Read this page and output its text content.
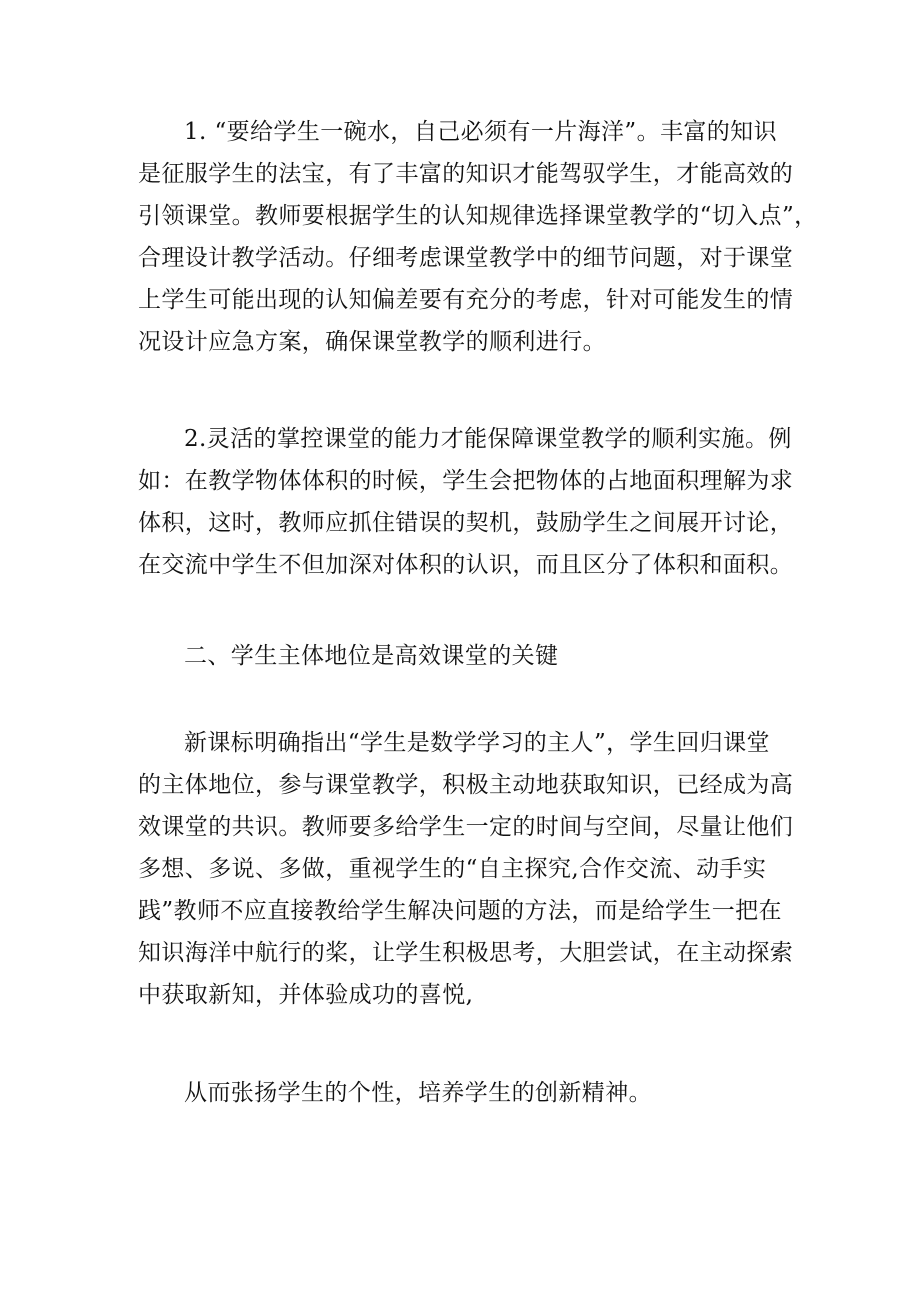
1. “要给学生一碗水，自己必须有一片海洋”。丰富的知识
是征服学生的法宝，有了丰富的知识才能驾驭学生，才能高效的
引领课堂。教师要根据学生的认知规律选择课堂教学的“切入点”，
合理设计教学活动。仔细考虑课堂教学中的细节问题，对于课堂
上学生可能出现的认知偏差要有充分的考虑，针对可能发生的情
况设计应急方案，确保课堂教学的顺利进行。
2.灵活的掌控课堂的能力才能保障课堂教学的顺利实施。例
如：在教学物体体积的时候，学生会把物体的占地面积理解为求
体积，这时，教师应抓住错误的契机，鼓励学生之间展开讨论，
在交流中学生不但加深对体积的认识，而且区分了体积和面积。
二、学生主体地位是高效课堂的关键
新课标明确指出“学生是数学学习的主人”，学生回归课堂
的主体地位，参与课堂教学，积极主动地获取知识，已经成为高
效课堂的共识。教师要多给学生一定的时间与空间，尽量让他们
多想、多说、多做，重视学生的“自主探究,合作交流、动手实
践”教师不应直接教给学生解决问题的方法，而是给学生一把在
知识海洋中航行的桨，让学生积极思考，大胆尝试，在主动探索
中获取新知，并体验成功的喜悦,
从而张扬学生的个性，培养学生的创新精神。
